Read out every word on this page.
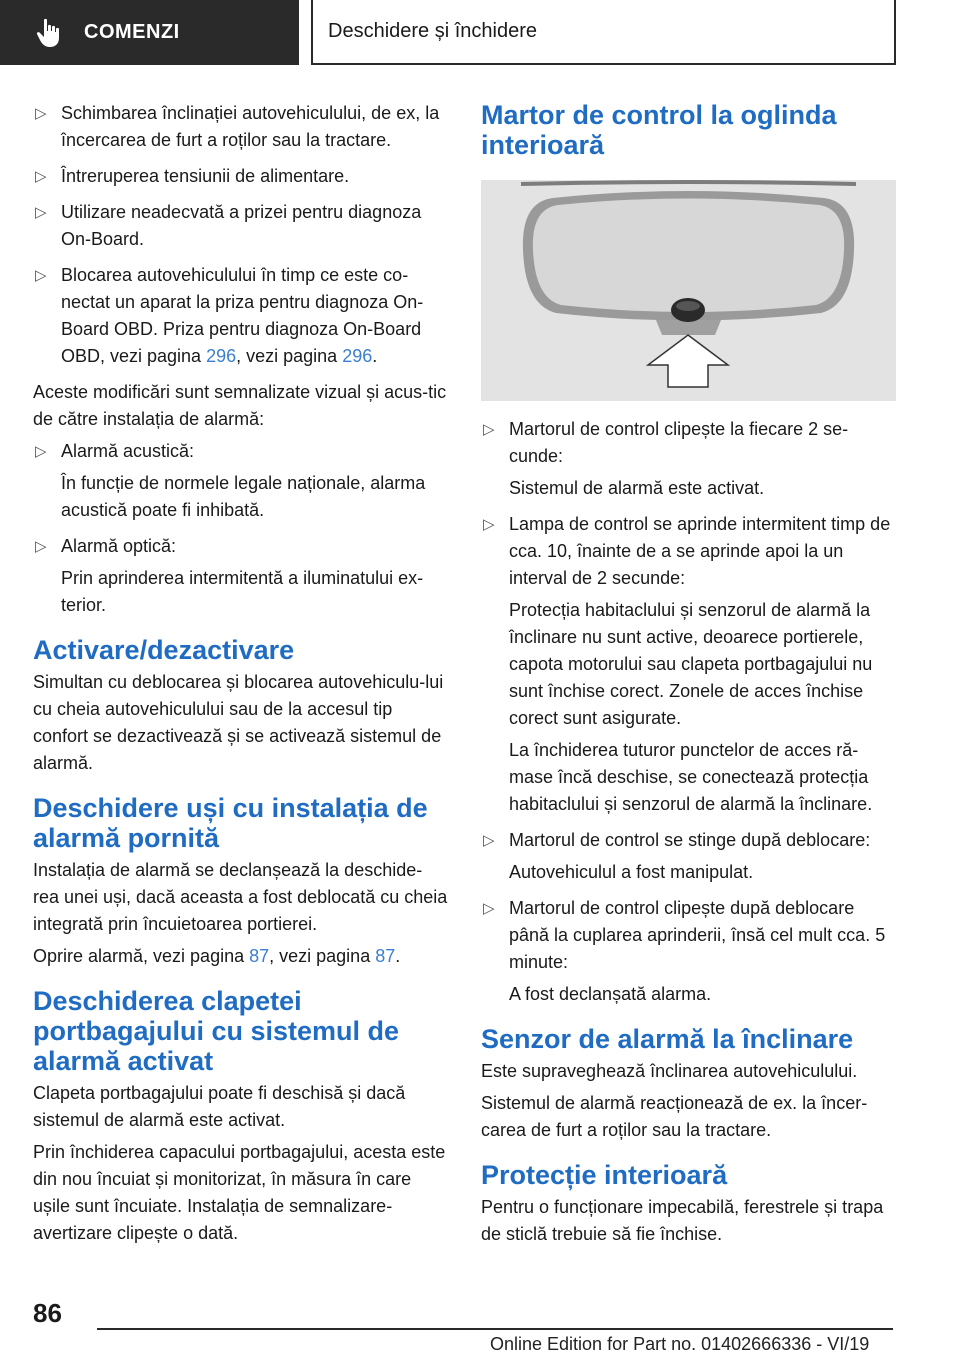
COMENZI	Deschidere și închidere
▷ Schimbarea înclinației autovehiculului, de ex, la încercarea de furt a roților sau la tractare.
▷ Întreruperea tensiunii de alimentare.
▷ Utilizare neadecvată a prizei pentru diagnoza On-Board.
▷ Blocarea autovehiculului în timp ce este co‐nectat un aparat la priza pentru diagnoza On‐Board OBD. Priza pentru diagnoza On‐Board OBD, vezi pagina 296, vezi pagina 296.
Aceste modificări sunt semnalizate vizual și acus‐tic de către instalația de alarmă:
▷ Alarmă acustică:
În funcție de normele legale naționale, alarma acustică poate fi inhibată.
▷ Alarmă optică:
Prin aprinderea intermitentă a iluminatului ex‐terior.
Activare/dezactivare
Simultan cu deblocarea și blocarea autovehiculu‐lui cu cheia autovehiculului sau de la accesul tip confort se dezactivează și se activează sistemul de alarmă.
Deschidere uși cu instalația de alarmă pornită
Instalația de alarmă se declanșează la deschide‐rea unei uși, dacă aceasta a fost deblocată cu cheia integrată prin încuietoarea portierei.
Oprire alarmă, vezi pagina 87, vezi pagina 87.
Deschiderea clapetei portbagajului cu sistemul de alarmă activat
Clapeta portbagajului poate fi deschisă și dacă sistemul de alarmă este activat.
Prin închiderea capacului portbagajului, acesta este din nou încuiat și monitorizat, în măsura în care ușile sunt încuiate. Instalația de semnalizare-avertizare clipește o dată.
Martor de control la oglinda interioară
▷ Martorul de control clipește la fiecare 2 se‐cunde:
Sistemul de alarmă este activat.
▷ Lampa de control se aprinde intermitent timp de cca. 10, înainte de a se aprinde apoi la un interval de 2 secunde:
Protecția habitaclului și senzorul de alarmă la înclinare nu sunt active, deoarece portierele, capota motorului sau clapeta portbagajului nu sunt închise corect. Zonele de acces închise corect sunt asigurate.
La închiderea tuturor punctelor de acces ră‐mase încă deschise, se conectează protecția habitaclului și senzorul de alarmă la înclinare.
▷ Martorul de control se stinge după deblocare:
Autovehiculul a fost manipulat.
▷ Martorul de control clipește după deblocare până la cuplarea aprinderii, însă cel mult cca. 5 minute:
A fost declanșată alarma.
Senzor de alarmă la înclinare
Este supraveghează înclinarea autovehiculului.
Sistemul de alarmă reacționează de ex. la încer‐carea de furt a roților sau la tractare.
Protecție interioară
Pentru o funcționare impecabilă, ferestrele și trapa de sticlă trebuie să fie închise.
86
Online Edition for Part no. 01402666336 - VI/19
